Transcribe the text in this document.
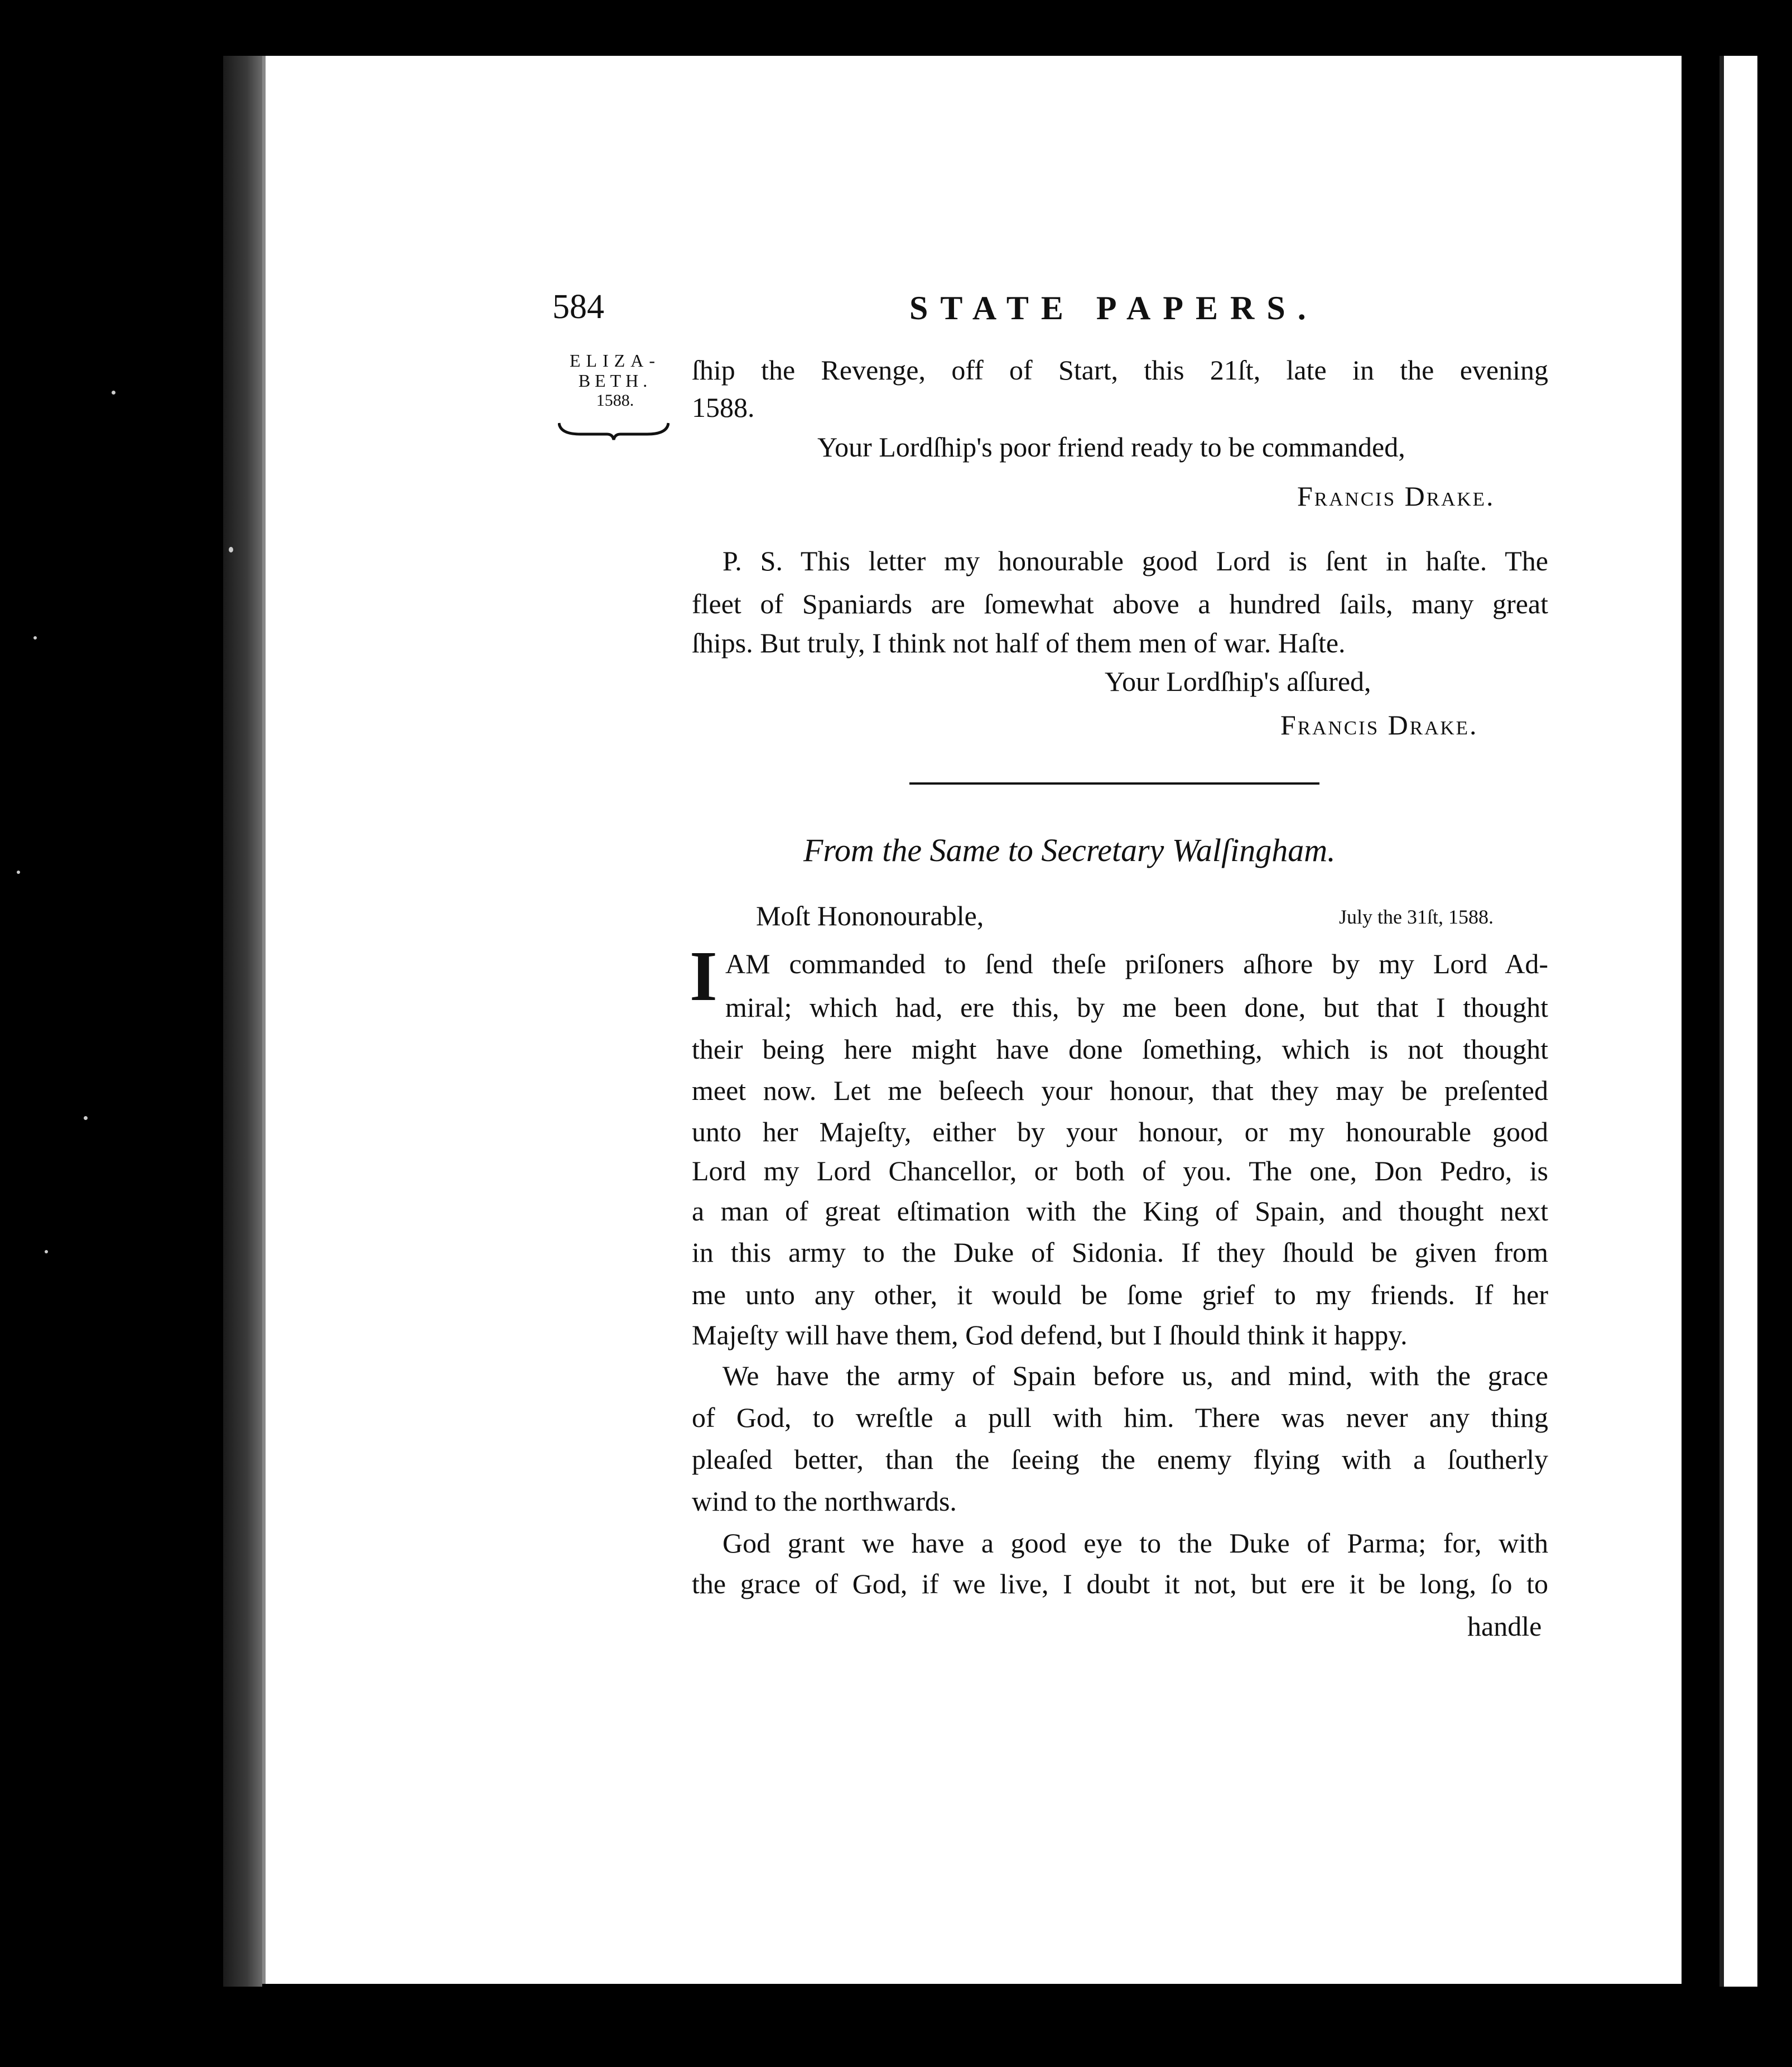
584	STATE PAPERS.

ELIZA-
BETH.
1588.

ſhip the Revenge, off of Start, this 21ſt, late in the evening

1588.

Your Lordſhip's poor friend ready to be commanded,

Francis Drake.

P. S. This letter my honourable good Lord is ſent in haſte. The

fleet of Spaniards are ſomewhat above a hundred ſails, many great

ſhips. But truly, I think not half of them men of war. Haſte.

Your Lordſhip's aſſured,

Francis Drake.

From the Same to Secretary Walſingham.

Moſt Hononourable,	July the 31ſt, 1588.

I AM commanded to ſend theſe priſoners aſhore by my Lord Ad-

miral; which had, ere this, by me been done, but that I thought

their being here might have done ſomething, which is not thought

meet now. Let me beſeech your honour, that they may be preſented

unto her Majeſty, either by your honour, or my honourable good

Lord my Lord Chancellor, or both of you. The one, Don Pedro, is

a man of great eſtimation with the King of Spain, and thought next

in this army to the Duke of Sidonia. If they ſhould be given from

me unto any other, it would be ſome grief to my friends. If her

Majeſty will have them, God defend, but I ſhould think it happy.

We have the army of Spain before us, and mind, with the grace

of God, to wreſtle a pull with him. There was never any thing

pleaſed better, than the ſeeing the enemy flying with a ſoutherly

wind to the northwards.

God grant we have a good eye to the Duke of Parma; for, with

the grace of God, if we live, I doubt it not, but ere it be long, ſo to

handle
